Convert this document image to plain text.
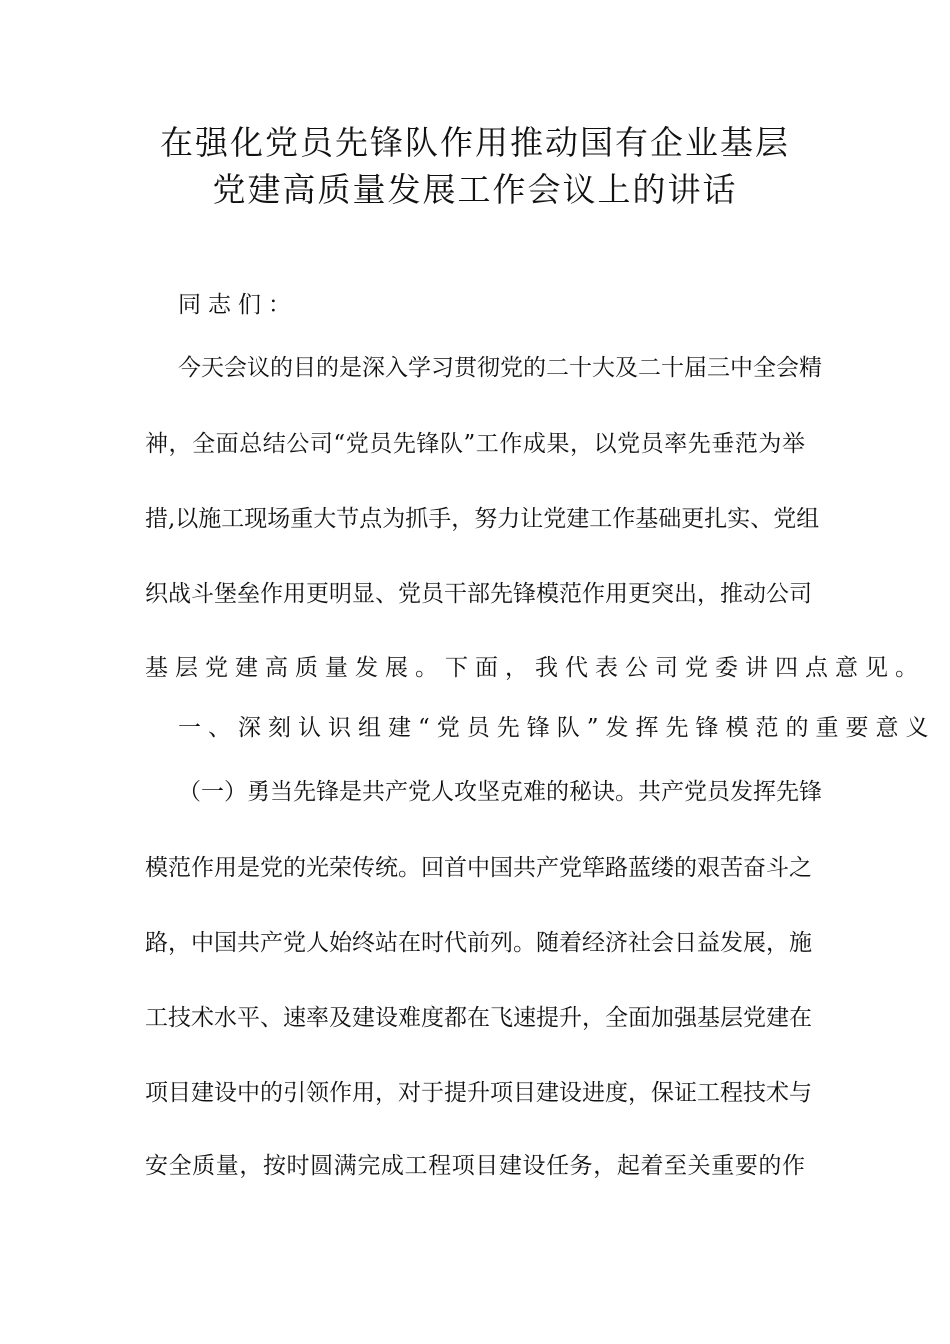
在强化党员先锋队作用推动国有企业基层
党建高质量发展工作会议上的讲话
同志们：
今天会议的目的是深入学习贯彻党的二十大及二十届三中全会精
神，全面总结公司“党员先锋队”工作成果，以党员率先垂范为举
措,以施工现场重大节点为抓手，努力让党建工作基础更扎实、党组
织战斗堡垒作用更明显、党员干部先锋模范作用更突出，推动公司
基层党建高质量发展。下面，我代表公司党委讲四点意见。
一、深刻认识组建“党员先锋队”发挥先锋模范的重要意义
（一）勇当先锋是共产党人攻坚克难的秘诀。共产党员发挥先锋
模范作用是党的光荣传统。回首中国共产党筚路蓝缕的艰苦奋斗之
路，中国共产党人始终站在时代前列。随着经济社会日益发展，施
工技术水平、速率及建设难度都在飞速提升，全面加强基层党建在
项目建设中的引领作用，对于提升项目建设进度，保证工程技术与
安全质量，按时圆满完成工程项目建设任务，起着至关重要的作
